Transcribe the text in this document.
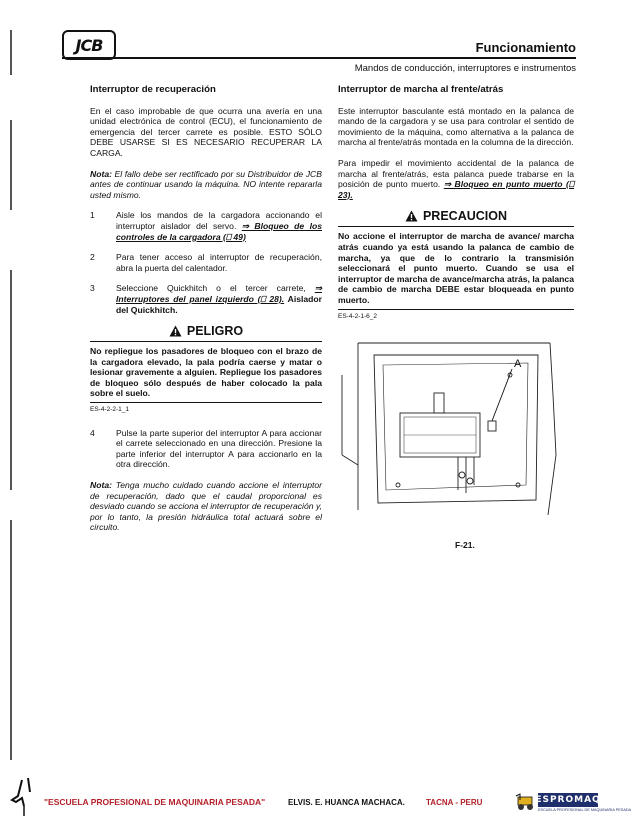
JCB	Funcionamiento
Mandos de conducción, interruptores e instrumentos
Interruptor de recuperación

En el caso improbable de que ocurra una avería en una unidad electrónica de control (ECU), el funcionamiento de emergencia del tercer carrete es posible. ESTO SÓLO DEBE USARSE SI ES NECESARIO RECUPERAR LA CARGA.

Nota: El fallo debe ser rectificado por su Distribuidor de JCB antes de continuar usando la máquina. NO intente repararla usted mismo.

1	Aisle los mandos de la cargadora accionando el interruptor aislador del servo. ⇒ Bloqueo de los controles de la cargadora (⎕ 49)
2	Para tener acceso al interruptor de recuperación, abra la puerta del calentador.
3	Seleccione Quickhitch o el tercer carrete, ⇒ Interruptores del panel izquierdo (⎕ 28). Aislador del Quickhitch.
PELIGRO
No repliegue los pasadores de bloqueo con el brazo de la cargadora elevado, la pala podría caerse y matar o lesionar gravemente a alguien. Repliegue los pasadores de bloqueo sólo después de haber colocado la pala sobre el suelo.
ES-4-2-2-1_1
4	Pulse la parte superior del interruptor A para accionar el carrete seleccionado en una dirección. Presione la parte inferior del interruptor A para accionarlo en la otra dirección.

Nota: Tenga mucho cuidado cuando accione el interruptor de recuperación, dado que el caudal proporcional es desviado cuando se acciona el interruptor de recuperación y, por lo tanto, la presión hidráulica total actuará sobre el circuito.

Interruptor de marcha al frente/atrás

Este interruptor basculante está montado en la palanca de mando de la cargadora y se usa para controlar el sentido de movimiento de la máquina, como alternativa a la palanca de marcha al frente/atrás montada en la columna de la dirección.

Para impedir el movimiento accidental de la palanca de marcha al frente/atrás, esta palanca puede trabarse en la posición de punto muerto. ⇒ Bloqueo en punto muerto (⎕ 23).

PRECAUCION
No accione el interruptor de marcha de avance/ marcha atrás cuando ya está usando la palanca de cambio de marcha, ya que de lo contrario la transmisión seleccionará el punto muerto. Cuando se usa el interruptor de marcha de avance/marcha atrás, la palanca de cambio de marcha DEBE estar bloqueada en punto muerto.
ES-4-2-1-6_2
A
F-21.
"ESCUELA PROFESIONAL DE MAQUINARIA PESADA"	ELVIS. E. HUANCA MACHACA.	TACNA - PERU	ESPROMAQ
ESCUELA PROFESIONAL DE MAQUINARIA PESADA
